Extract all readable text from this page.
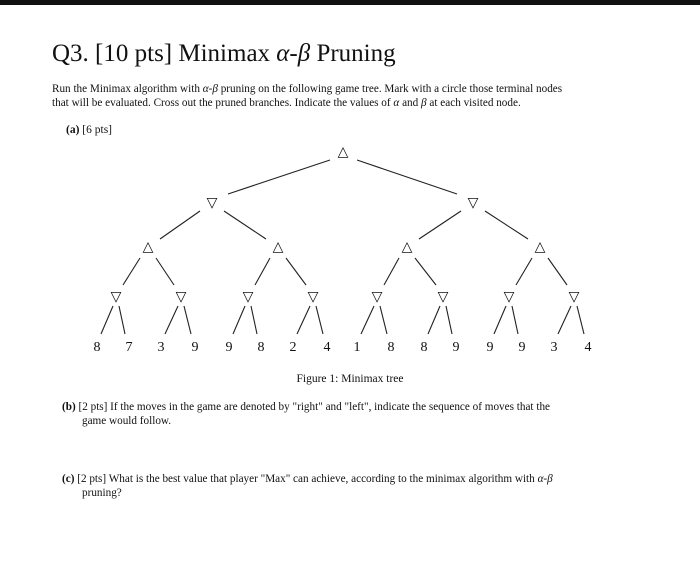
Q3. [10 pts] Minimax α-β Pruning
Run the Minimax algorithm with α-β pruning on the following game tree. Mark with a circle those terminal nodes
that will be evaluated. Cross out the pruned branches. Indicate the values of α and β at each visited node.
(a) [6 pts]
△
▽	▽
△	△	△	△
▽	▽	▽	▽	▽	▽	▽	▽
8 7 3 9 9 8 2 4 1 8 8 9 9 9 3 4
Figure 1: Minimax tree
(b) [2 pts] If the moves in the game are denoted by "right" and "left", indicate the sequence of moves that the
game would follow.
(c) [2 pts] What is the best value that player "Max" can achieve, according to the minimax algorithm with α-β
pruning?
